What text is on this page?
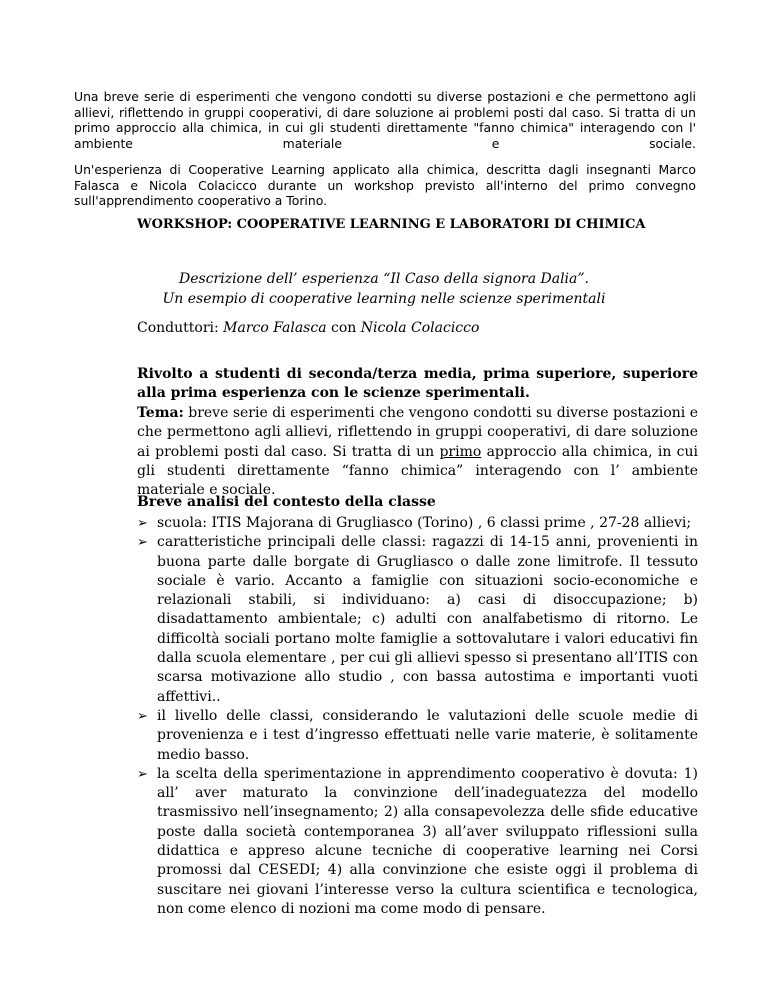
Una breve serie di esperimenti che vengono condotti su diverse postazioni e che permettono agli allievi, riflettendo in gruppi cooperativi, di dare soluzione ai problemi posti dal caso. Si tratta di un primo approccio alla chimica, in cui gli studenti direttamente "fanno chimica" interagendo con l' ambiente materiale e sociale.
Un'esperienza di Cooperative Learning applicato alla chimica, descritta dagli insegnanti Marco Falasca e Nicola Colacicco durante un workshop previsto all'interno del primo convegno sull'apprendimento cooperativo a Torino.
WORKSHOP: COOPERATIVE LEARNING E LABORATORI DI CHIMICA
Descrizione dell’ esperienza “Il Caso della signora Dalia”.
Un esempio di cooperative learning nelle scienze sperimentali
Conduttori: Marco Falasca con Nicola Colacicco
Rivolto a studenti di seconda/terza media, prima superiore, superiore alla prima esperienza con le scienze sperimentali.
Tema: breve serie di esperimenti che vengono condotti su diverse postazioni e che permettono agli allievi, riflettendo in gruppi cooperativi, di dare soluzione ai problemi posti dal caso. Si tratta di un primo approccio alla chimica, in cui gli studenti direttamente “fanno chimica” interagendo con l’ ambiente materiale e sociale.
Breve analisi del contesto della classe
➢ scuola: ITIS Majorana di Grugliasco (Torino) , 6 classi prime , 27-28 allievi;
➢ caratteristiche principali delle classi: ragazzi di 14-15 anni, provenienti in buona parte dalle borgate di Grugliasco o dalle zone limitrofe. Il tessuto sociale è vario. Accanto a famiglie con situazioni socio-economiche e relazionali stabili, si individuano: a) casi di disoccupazione; b) disadattamento ambientale; c) adulti con analfabetismo di ritorno. Le difficoltà sociali portano molte famiglie a sottovalutare i valori educativi fin dalla scuola elementare , per cui gli allievi spesso si presentano all’ITIS con scarsa motivazione allo studio , con bassa autostima e importanti vuoti affettivi..
➢ il livello delle classi, considerando le valutazioni delle scuole medie di provenienza e i test d’ingresso effettuati nelle varie materie, è solitamente medio basso.
➢ la scelta della sperimentazione in apprendimento cooperativo è dovuta: 1) all’ aver maturato la convinzione dell’inadeguatezza del modello trasmissivo nell’insegnamento; 2) alla consapevolezza delle sfide educative poste dalla società contemporanea 3) all’aver sviluppato riflessioni sulla didattica e appreso alcune tecniche di cooperative learning nei Corsi promossi dal CESEDI; 4) alla convinzione che esiste oggi il problema di suscitare nei giovani l’interesse verso la cultura scientifica e tecnologica, non come elenco di nozioni ma come modo di pensare.
